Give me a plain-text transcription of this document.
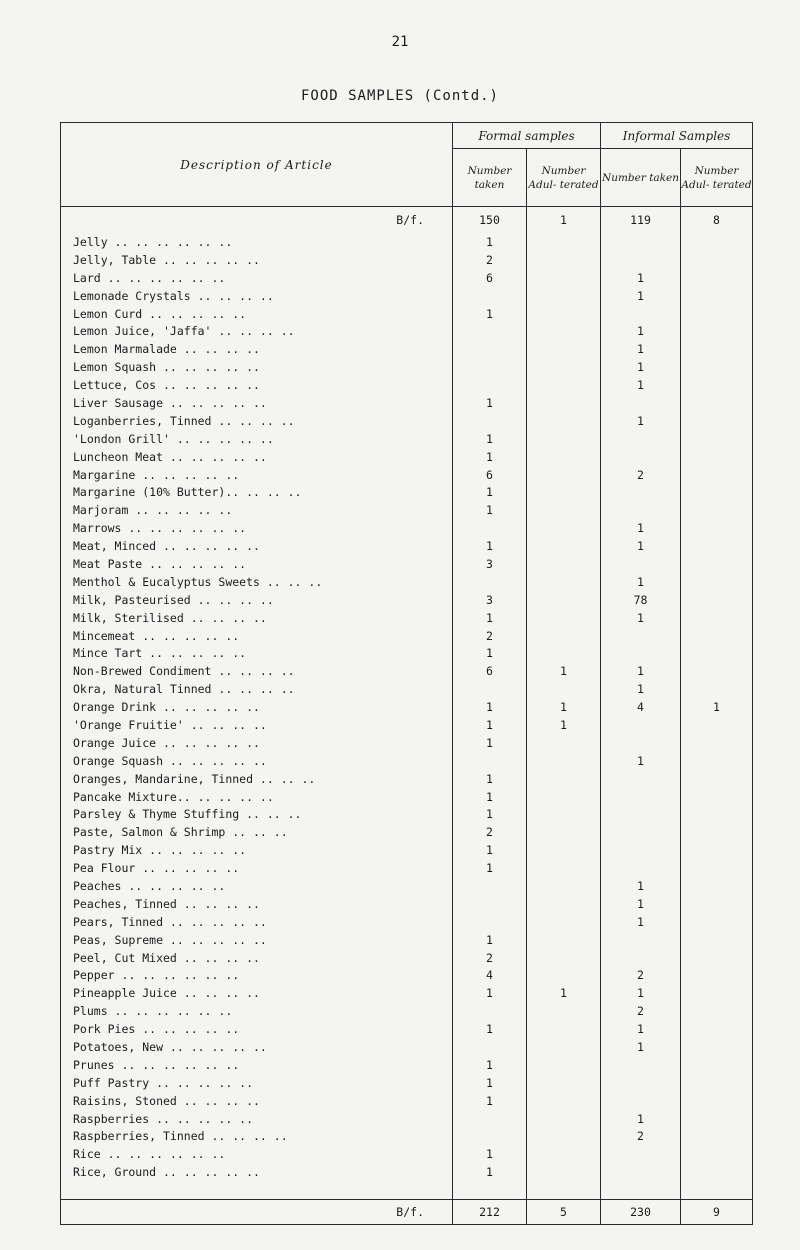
21
FOOD SAMPLES (Contd.)
Description of Article	Formal samples		Informal Samples	
	Number taken	Number Adul- terated	Number taken	Number Adul- terated
B/f.	150	1	119	8
Jelly .. .. .. .. .. ..	1			
Jelly, Table .. .. .. .. ..	2			
Lard .. .. .. .. .. ..	6		1	
Lemonade Crystals .. .. .. ..			1	
Lemon Curd .. .. .. .. ..	1			
Lemon Juice, 'Jaffa' .. .. .. ..			1	
Lemon Marmalade .. .. .. ..			1	
Lemon Squash .. .. .. .. ..			1	
Lettuce, Cos .. .. .. .. ..			1	
Liver Sausage .. .. .. .. ..	1			
Loganberries, Tinned .. .. .. ..			1	
'London Grill' .. .. .. .. ..	1			
Luncheon Meat .. .. .. .. ..	1			
Margarine .. .. .. .. ..	6		2	
Margarine (10% Butter).. .. .. ..	1			
Marjoram .. .. .. .. ..	1			
Marrows .. .. .. .. .. ..			1	
Meat, Minced .. .. .. .. ..	1		1	
Meat Paste .. .. .. .. ..	3			
Menthol & Eucalyptus Sweets .. .. ..			1	
Milk, Pasteurised .. .. .. ..	3		78	
Milk, Sterilised .. .. .. ..	1		1	
Mincemeat .. .. .. .. ..	2			
Mince Tart .. .. .. .. ..	1			
Non-Brewed Condiment .. .. .. ..	6	1	1	
Okra, Natural Tinned .. .. .. ..			1	
Orange Drink .. .. .. .. ..	1	1	4	1
'Orange Fruitie' .. .. .. ..	1	1		
Orange Juice .. .. .. .. ..	1			
Orange Squash .. .. .. .. ..			1	
Oranges, Mandarine, Tinned .. .. ..	1			
Pancake Mixture.. .. .. .. ..	1			
Parsley & Thyme Stuffing .. .. ..	1			
Paste, Salmon & Shrimp .. .. ..	2			
Pastry Mix .. .. .. .. ..	1			
Pea Flour .. .. .. .. ..	1			
Peaches .. .. .. .. ..			1	
Peaches, Tinned .. .. .. ..			1	
Pears, Tinned .. .. .. .. ..			1	
Peas, Supreme .. .. .. .. ..	1			
Peel, Cut Mixed .. .. .. ..	2			
Pepper .. .. .. .. .. ..	4		2	
Pineapple Juice .. .. .. ..	1	1	1	
Plums .. .. .. .. .. ..			2	
Pork Pies .. .. .. .. ..	1		1	
Potatoes, New .. .. .. .. ..			1	
Prunes .. .. .. .. .. ..	1			
Puff Pastry .. .. .. .. ..	1			
Raisins, Stoned .. .. .. ..	1			
Raspberries .. .. .. .. ..			1	
Raspberries, Tinned .. .. .. ..			2	
Rice .. .. .. .. .. ..	1			
Rice, Ground .. .. .. .. ..	1			

B/f.	212	5	230	9
